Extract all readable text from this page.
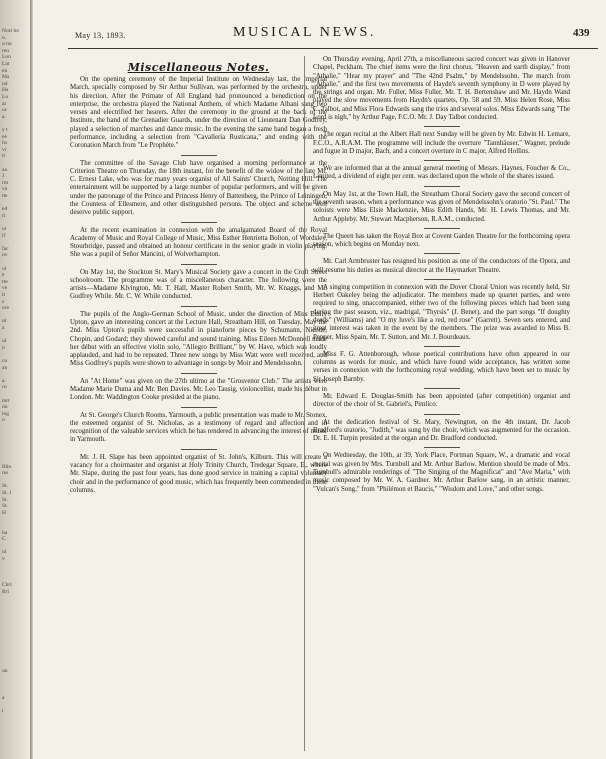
Nort bo
u.
u nn
ren
Lon
Lar
en
Ma
nd
Ha
Lo
ar
uc
a.
y t
ee
iw
vr
ti
an
J
rm
va
tte
ed
ri
ur
ll'
fac
ov
ol
e
rte
ve
it
s
ore
ut
a
ul
n
co
an
a.
ru
mrt
on
ing
o
Illin
res
St.
St. J
St.
St.
H
ha
C
ul
v
Chri
Bri
un
a
i
May 13, 1893.	MUSICAL NEWS.	439
Miscellaneous Notes.

On the opening ceremony of the Imperial Institute on Wednesday last, the Imperial March, specially composed by Sir Arthur Sullivan, was performed by the orchestra, under his direction. After the Primate of All England had pronounced a benediction on the enterprise, the orchestra played the National Anthem, of which Madame Albani sang two verses and electrified her hearers. After the ceremony in the ground at the back of the Institute, the band of the Grenadier Guards, under the direction of Lieutenant Dan Godfrey, played a selection of marches and dance music. In the evening the same band began a fresh performance, including a selection from "Cavalleria Rusticana," and ending with the Coronation March from "Le Prophète."

The committee of the Savage Club have organised a morning performance at the Criterion Theatre on Thursday, the 18th instant, for the benefit of the widow of the late Mr. C. Ernest Lake, who was for many years organist of All Saints' Church, Notting Hill. The entertainment will be supported by a large number of popular performers, and will be given under the patronage of the Prince and Princess Henry of Battenberg, the Prince of Leiningen, the Countess of Ellesmere, and other distinguished persons. The object and scheme well deserve public support.

At the recent examination in connexion with the amalgamated Board of the Royal Academy of Music and Royal College of Music, Miss Esther Henrietta Bolton, of Wordsley, Stourbridge, passed and obtained an honour certificate in the senior grade in violin playing. She was a pupil of Señor Mancini, of Wolverhampton.

On May 1st, the Stockton St. Mary's Musical Society gave a concert in the Croft Street schoolroom. The programme was of a miscellaneous character. The following were the artists—Madame Klvington, Mr. T. Hall, Master Robert Smith, Mr. W. Knaggs, and Mr. Godfrey While. Mr. C. W. While conducted.

The pupils of the Anglo-German School of Music, under the direction of Miss Emily Upton, gave an interesting concert at the Lecture Hall, Streatham Hill, on Tuesday, May the 2nd. Miss Upton's pupils were successful in pianoforte pieces by Schumann, Nicodé, Chopin, and Godard; they showed careful and sound training. Miss Eileen McDonnell made her début with an effective violin solo, "Allegro Brilliant," by W. Have, which was loudly applauded, and had to be repeated. Three new songs by Miss Watt were well received, and Miss Godfrey's pupils were shown to advantage in songs by Moir and Mendelssohn.

An "At Home" was given on the 27th ultimo at the "Grosvenor Club." The artists were Madame Marie Duma and Mr. Ben Davies. Mr. Leo Tausig, violoncellist, made his début in London. Mr. Waddington Cooke presided at the piano.

At St. George's Church Rooms, Yarmouth, a public presentation was made to Mr. Stonex, the esteemed organist of St. Nicholas, as a testimony of regard and affection and in recognition of the valuable services which he has rendered in advancing the interest of music in Yarmouth.

Mr. J. H. Slape has been appointed organist of St. John's, Kilburn. This will create a vacancy for a choirmaster and organist at Holy Trinity Church, Tredegar Square, E., where Mr. Slape, during the past four years, has done good service in training a capital voluntary choir and in the performance of good music, which has frequently been commended in these columns.

On Thursday evening, April 27th, a miscellaneous sacred concert was given in Hanover Chapel, Peckham. The chief items were the first chorus, "Heaven and earth display," from "Athalie," "Hear my prayer" and "The 42nd Psalm," by Mendelssohn. The march from "Athalie," and the first two movements of Haydn's seventh symphony in D were played by the strings and organ. Mr. Fuller, Miss Fuller, Mr. T. H. Bertenshaw and Mr. Haydn Wand played the slow movements from Haydn's quartets, Op. 58 and 59. Miss Helen Rose, Miss C. Talbot, and Miss Flora Edwards sang the trios and several solos. Miss Edwards sang "The Lord is nigh," by Arthur Page, F.C.O. Mr. J. Day Talbot conducted.

The organ recital at the Albert Hall next Sunday will be given by Mr. Edwin H. Lemare, F.C.O., A.R.A.M. The programme will include the overture "Tannhäuser," Wagner, prelude and fugue in D major, Bach, and a concert overture in C major, Alfred Hollins.

We are informed that at the annual general meeting of Messrs. Haynes, Foucher & Co., Limited, a dividend of eight per cent. was declared upon the whole of the shares issued.

On May 1st, at the Town Hall, the Streatham Choral Society gave the second concert of the seventh season, when a performance was given of Mendelssohn's oratorio "St. Paul." The soloists were Miss Elsie Mackenzie, Miss Edith Hands, Mr. H. Lewis Thomas, and Mr. Arthur Appleby. Mr. Stewart Macpherson, R.A.M., conducted.

The Queen has taken the Royal Box at Covent Garden Theatre for the forthcoming opera season, which begins on Monday next.

Mr. Carl Armbruster has resigned his position as one of the conductors of the Opera, and will resume his duties as musical director at the Haymarket Theatre.

A singing competition in connexion with the Dover Choral Union was recently held, Sir Herbert Oakeley being the adjudicator. The members made up quartet parties, and were required to sing, unaccompanied, either two of the following pieces which had been sung during the past season, viz., madrigal, "Thyrsis" (J. Benet), and the part songs "If doughty deeds" (Williams) and "O my luve's like a red, red rose" (Garrett). Seven sets entered, and great interest was taken in the event by the members. The prize was awarded to Miss B. Pepper, Miss Spain, Mr. T. Sutton, and Mr. J. Bourdeaux.

Miss F. G. Attenborough, whose poetical contributions have often appeared in our columns as words for music, and which have found wide acceptance, has written some verses in connexion with the forthcoming royal wedding, which have been set to music by Sir Joseph Barnby.

Mr. Edward E. Douglas-Smith has been appointed (after competition) organist and director of the choir of St. Gabriel's, Pimlico.

At the dedication festival of St. Mary, Newington, on the 4th instant, Dr. Jacob Bradford's oratorio, "Judith," was sung by the choir, which was augmented for the occasion. Dr. E. H. Turpin presided at the organ and Dr. Bradford conducted.

On Wednesday, the 10th, at 39, York Place, Portman Square, W., a dramatic and vocal recital was given by Mrs. Turnbull and Mr. Arthur Barlow. Mention should be made of Mrs. Turnbull's admirable renderings of "The Singing of the Magnificat" and "Ave Maria," with music composed by Mr. W. A. Gardner. Mr. Arthur Barlow sang, in an artistic manner, "Vulcan's Song," from "Philémon et Baucis," "Wisdom and Love," and other songs.
